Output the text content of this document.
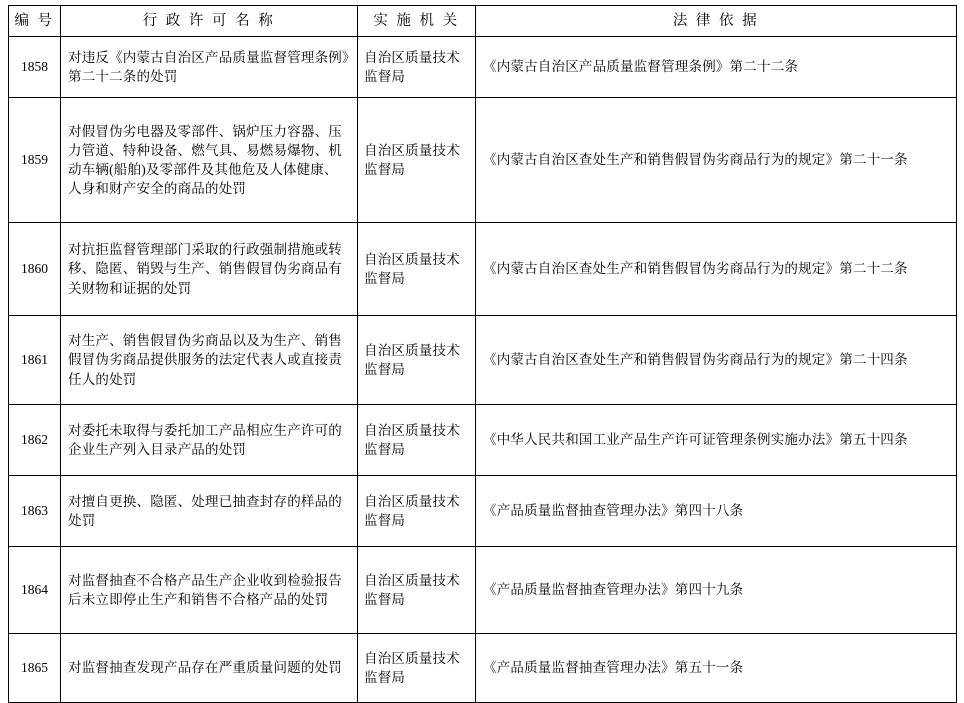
编 号	行 政 许 可 名 称	实 施 机 关	法 律 依 据
1858	对违反《内蒙古自治区产品质量监督管理条例》第二十二条的处罚	自治区质量技术监督局	《内蒙古自治区产品质量监督管理条例》第二十二条
1859	对假冒伪劣电器及零部件、锅炉压力容器、压力管道、特种设备、燃气具、易燃易爆物、机动车辆(船舶)及零部件及其他危及人体健康、人身和财产安全的商品的处罚	自治区质量技术监督局	《内蒙古自治区查处生产和销售假冒伪劣商品行为的规定》第二十一条
1860	对抗拒监督管理部门采取的行政强制措施或转移、隐匿、销毁与生产、销售假冒伪劣商品有关财物和证据的处罚	自治区质量技术监督局	《内蒙古自治区查处生产和销售假冒伪劣商品行为的规定》第二十二条
1861	对生产、销售假冒伪劣商品以及为生产、销售假冒伪劣商品提供服务的法定代表人或直接责任人的处罚	自治区质量技术监督局	《内蒙古自治区查处生产和销售假冒伪劣商品行为的规定》第二十四条
1862	对委托未取得与委托加工产品相应生产许可的企业生产列入目录产品的处罚	自治区质量技术监督局	《中华人民共和国工业产品生产许可证管理条例实施办法》第五十四条
1863	对擅自更换、隐匿、处理已抽查封存的样品的处罚	自治区质量技术监督局	《产品质量监督抽查管理办法》第四十八条
1864	对监督抽查不合格产品生产企业收到检验报告后未立即停止生产和销售不合格产品的处罚	自治区质量技术监督局	《产品质量监督抽查管理办法》第四十九条
1865	对监督抽查发现产品存在严重质量问题的处罚	自治区质量技术监督局	《产品质量监督抽查管理办法》第五十一条
